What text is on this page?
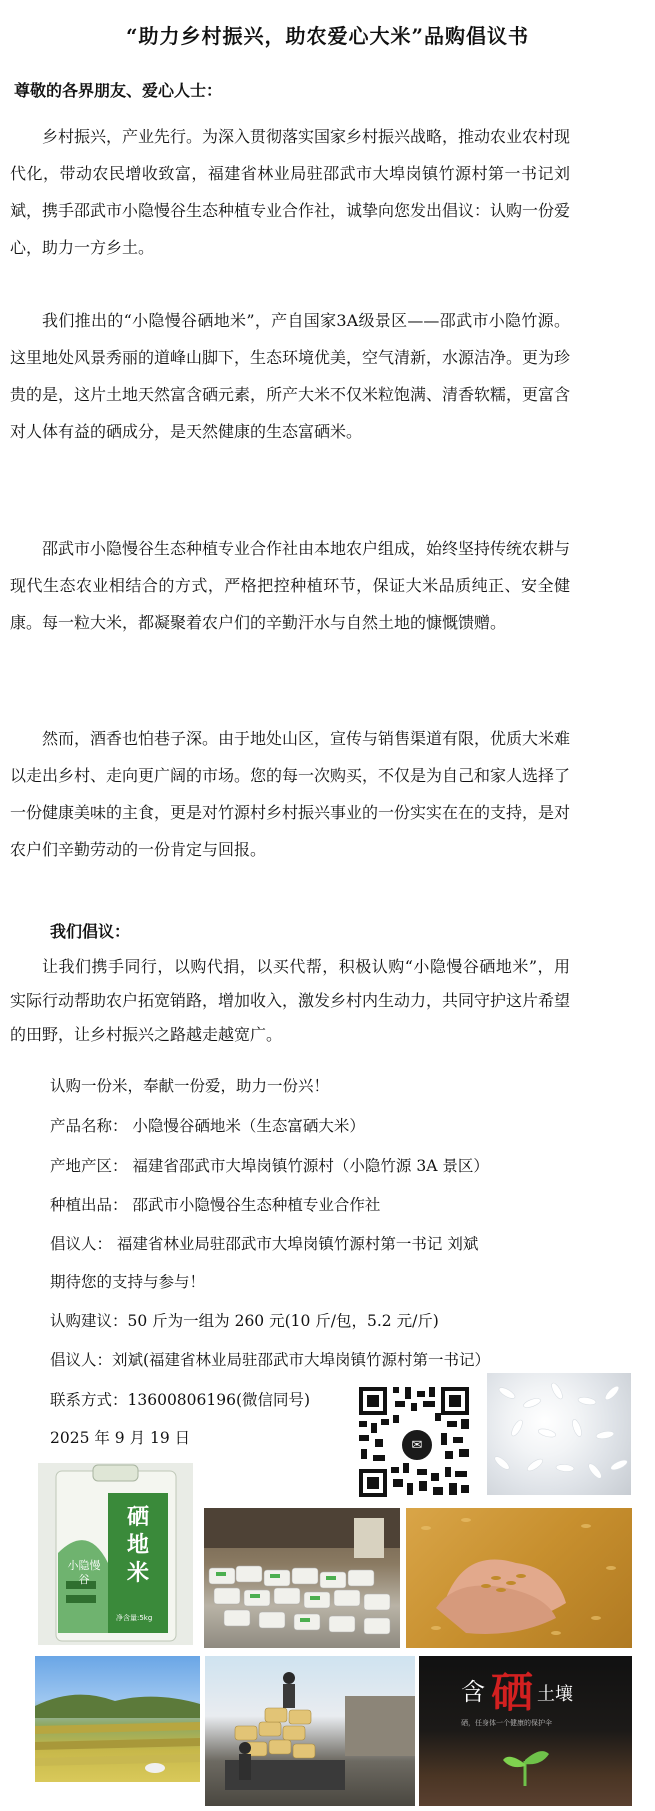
“助力乡村振兴，助农爱心大米”品购倡议书
尊敬的各界朋友、爱心人士：

乡村振兴，产业先行。为深入贯彻落实国家乡村振兴战略，推动农业农村现代化，带动农民增收致富，福建省林业局驻邵武市大埠岗镇竹源村第一书记刘斌，携手邵武市小隐慢谷生态种植专业合作社，诚挚向您发出倡议：认购一份爱心，助力一方乡土。

我们推出的“小隐慢谷硒地米”，产自国家3A级景区——邵武市小隐竹源。这里地处风景秀丽的道峰山脚下，生态环境优美，空气清新，水源洁净。更为珍贵的是，这片土地天然富含硒元素，所产大米不仅米粒饱满、清香软糯，更富含对人体有益的硒成分，是天然健康的生态富硒米。

邵武市小隐慢谷生态种植专业合作社由本地农户组成，始终坚持传统农耕与现代生态农业相结合的方式，严格把控种植环节，保证大米品质纯正、安全健康。每一粒大米，都凝聚着农户们的辛勤汗水与自然土地的慷慨馈赠。

然而，酒香也怕巷子深。由于地处山区，宣传与销售渠道有限，优质大米难以走出乡村、走向更广阔的市场。您的每一次购买，不仅是为自己和家人选择了一份健康美味的主食，更是对竹源村乡村振兴事业的一份实实在在的支持，是对农户们辛勤劳动的一份肯定与回报。

我们倡议：

让我们携手同行，以购代捐，以买代帮，积极认购“小隐慢谷硒地米”，用实际行动帮助农户拓宽销路，增加收入，激发乡村内生动力，共同守护这片希望的田野，让乡村振兴之路越走越宽广。

认购一份米，奉献一份爱，助力一份兴！
产品名称： 小隐慢谷硒地米（生态富硒大米）
产地产区： 福建省邵武市大埠岗镇竹源村（小隐竹源 3A 景区）
种植出品： 邵武市小隐慢谷生态种植专业合作社
倡议人： 福建省林业局驻邵武市大埠岗镇竹源村第一书记 刘斌
期待您的支持与参与！
认购建议：50 斤为一组为 260 元(10 斤/包，5.2 元/斤)
倡议人：刘斌(福建省林业局驻邵武市大埠岗镇竹源村第一书记）
联系方式：13600806196(微信同号)
2025 年 9 月 19 日	✉
硒地米
小隐慢谷
净含量:5kg
含 硒 土壤
硒，任身体一个健康的保护伞
